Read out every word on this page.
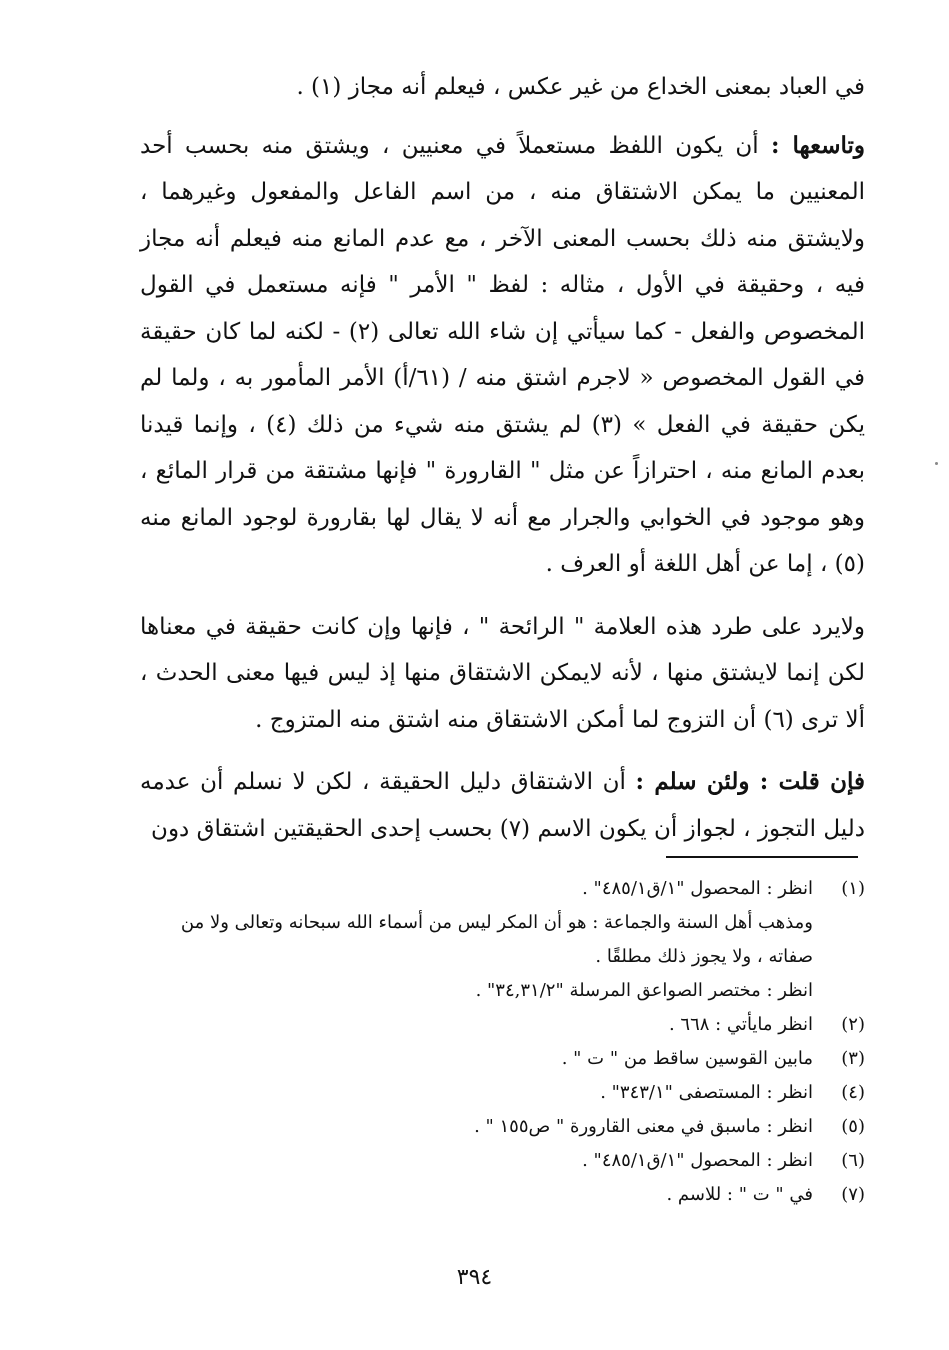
في العباد بمعنى الخداع من غير عكس ، فيعلم أنه مجاز (١) .

وتاسعها : أن يكون اللفظ مستعملاً في معنيين ، ويشتق منه بحسب أحد المعنيين ما يمكن الاشتقاق منه ، من اسم الفاعل والمفعول وغيرهما ، ولايشتق منه ذلك بحسب المعنى الآخر ، مع عدم المانع منه فيعلم أنه مجاز فيه ، وحقيقة في الأول ، مثاله : لفظ " الأمر " فإنه مستعمل في القول المخصوص والفعل - كما سيأتي إن شاء الله تعالى (٢) - لكنه لما كان حقيقة في القول المخصوص « لاجرم اشتق منه / (٦١/أ) الأمر المأمور به ، ولما لم يكن حقيقة في الفعل » (٣) لم يشتق منه شيء من ذلك (٤) ، وإنما قيدنا بعدم المانع منه ، احترازاً عن مثل " القارورة " فإنها مشتقة من قرار المائع ، وهو موجود في الخوابي والجرار مع أنه لا يقال لها بقارورة لوجود المانع منه (٥) ، إما عن أهل اللغة أو العرف .

ولايرد على طرد هذه العلامة " الرائحة " ، فإنها وإن كانت حقيقة في معناها لكن إنما لايشتق منها ، لأنه لايمكن الاشتقاق منها إذ ليس فيها معنى الحدث ، ألا ترى (٦) أن التزوج لما أمكن الاشتقاق منه اشتق منه المتزوج .

فإن قلت : ولئن سلم : أن الاشتقاق دليل الحقيقة ، لكن لا نسلم أن عدمه دليل التجوز ، لجواز أن يكون الاسم (٧) بحسب إحدى الحقيقتين اشتقاق دون

(١)
انظر : المحصول "١/ق٤٨٥/١" .
ومذهب أهل السنة والجماعة : هو أن المكر ليس من أسماء الله سبحانه وتعالى ولا من صفاته ، ولا يجوز ذلك مطلقًا .
انظر : مختصر الصواعق المرسلة "٣٤,٣١/٢" .
(٢)
انظر مايأتي : ٦٦٨ .
(٣)
مابين القوسين ساقط من " ت " .
(٤)
انظر : المستصفى "٣٤٣/١" .
(٥)
انظر : ماسبق في معنى القارورة " ص١٥٥ " .
(٦)
انظر : المحصول "١/ق٤٨٥/١" .
(٧)
في " ت " : للاسم .
٣٩٤
